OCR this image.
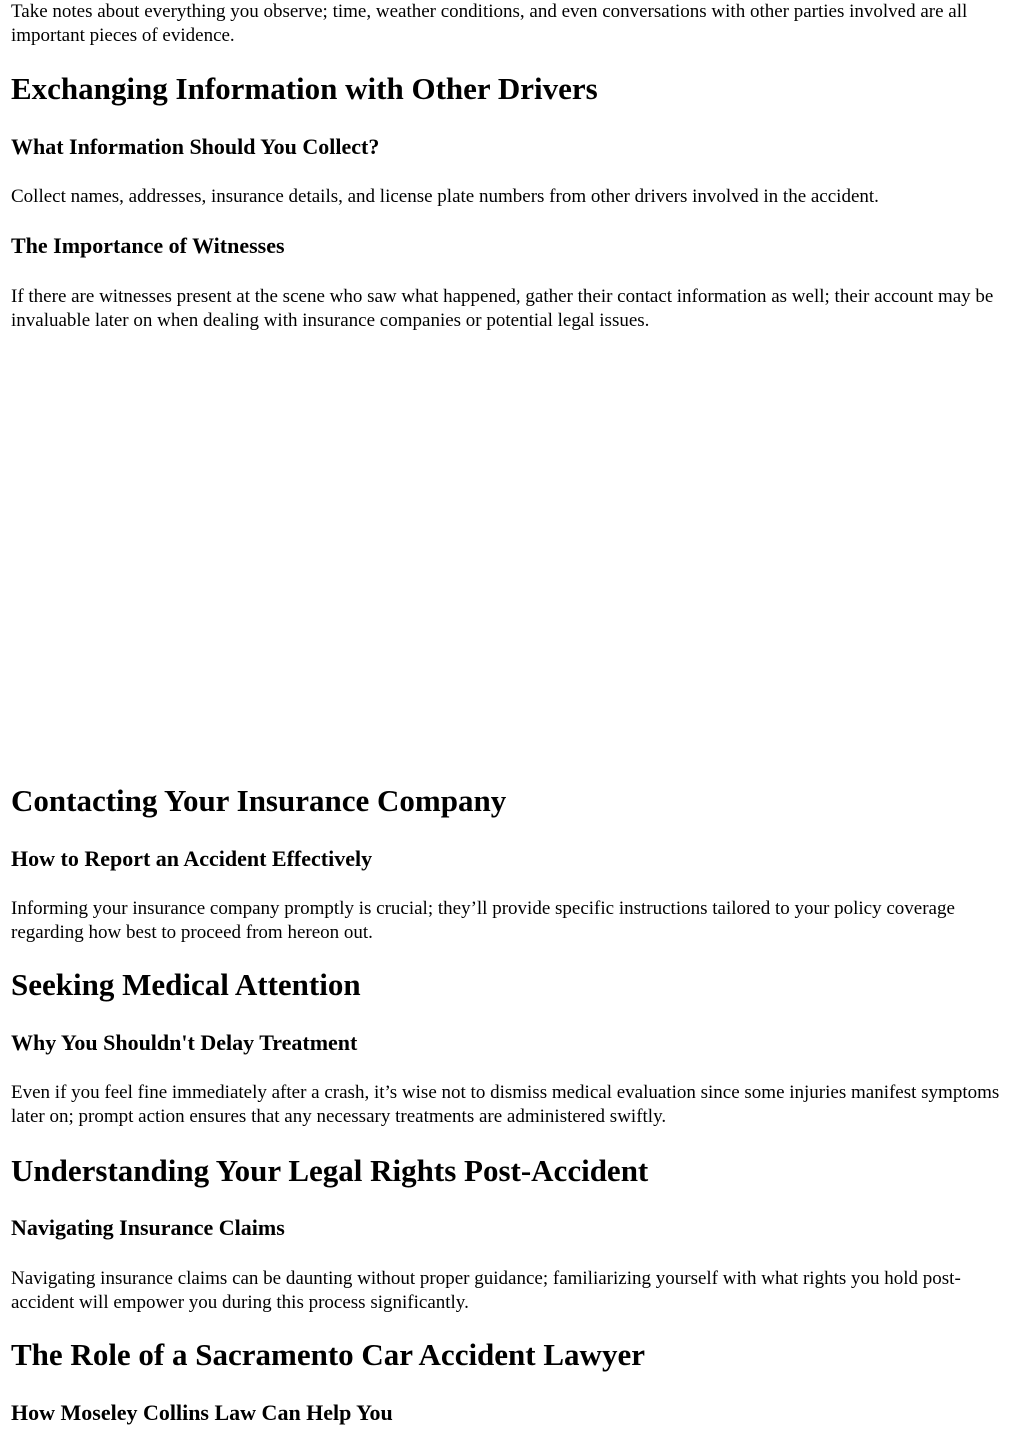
Take notes about everything you observe; time, weather conditions, and even conversations with other parties involved are all important pieces of evidence.

Exchanging Information with Other Drivers
What Information Should You Collect?

Collect names, addresses, insurance details, and license plate numbers from other drivers involved in the accident.

The Importance of Witnesses

If there are witnesses present at the scene who saw what happened, gather their contact information as well; their account may be invaluable later on when dealing with insurance companies or potential legal issues.

Contacting Your Insurance Company
How to Report an Accident Effectively

Informing your insurance company promptly is crucial; they’ll provide specific instructions tailored to your policy coverage regarding how best to proceed from hereon out.

Seeking Medical Attention
Why You Shouldn't Delay Treatment

Even if you feel fine immediately after a crash, it’s wise not to dismiss medical evaluation since some injuries manifest symptoms later on; prompt action ensures that any necessary treatments are administered swiftly.

Understanding Your Legal Rights Post-Accident
Navigating Insurance Claims

Navigating insurance claims can be daunting without proper guidance; familiarizing yourself with what rights you hold post-accident will empower you during this process significantly.

The Role of a Sacramento Car Accident Lawyer
How Moseley Collins Law Can Help You
